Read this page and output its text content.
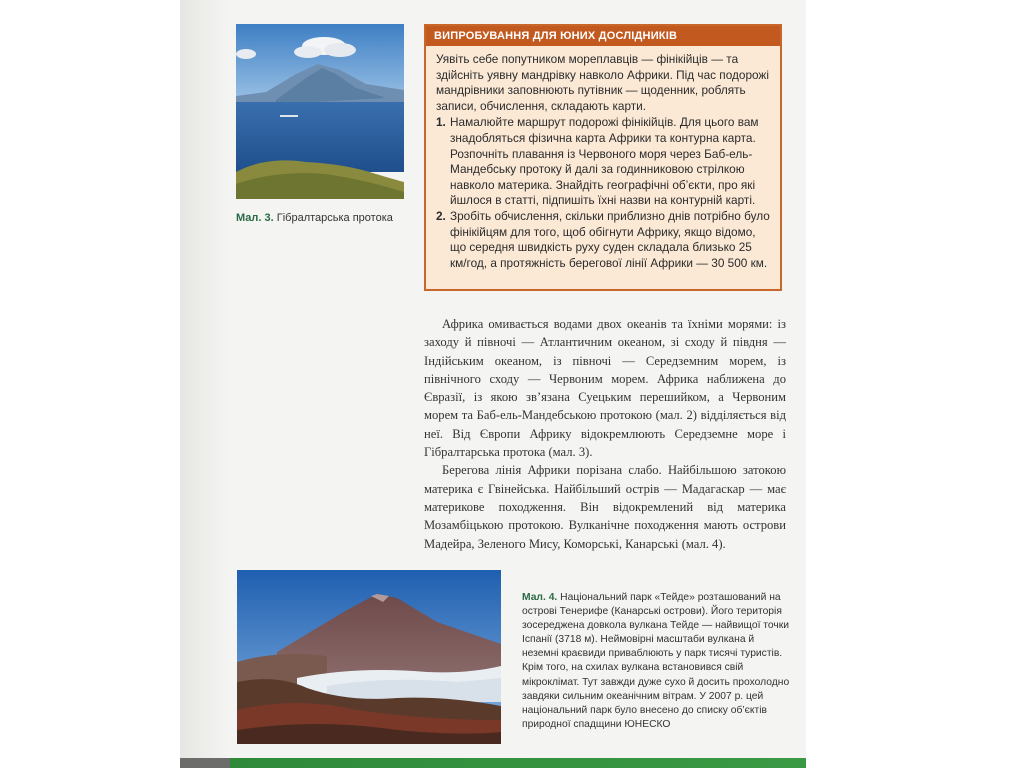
Мал. 3. Гібралтарська протока
ВИПРОБУВАННЯ ДЛЯ ЮНИХ ДОСЛІДНИКІВ

Уявіть себе попутником мореплавців — фінікійців — та здійсніть уявну мандрівку навколо Африки. Під час подорожі мандрівники заповнюють путівник — щоденник, роблять записи, обчислення, складають карти.

1. Намалюйте маршрут подорожі фінікійців. Для цього вам знадобляться фізична карта Африки та контурна карта. Розпочніть плавання із Червоного моря через Баб-ель-Мандебську протоку й далі за годинниковою стрілкою навколо материка. Знайдіть географічні об’єкти, про які йшлося в статті, підпишіть їхні назви на контурній карті.
2. Зробіть обчислення, скільки приблизно днів потрібно було фінікійцям для того, щоб обігнути Африку, якщо відомо, що середня швидкість руху суден складала близько 25 км/год, а протяжність берегової лінії Африки — 30 500 км.

Африка омивається водами двох океанів та їхніми морями: із заходу й півночі — Атлантичним океаном, зі сходу й півдня — Індійським океаном, із півночі — Середземним морем, із північного сходу — Червоним морем. Африка наближена до Євразії, із якою зв’язана Суецьким перешийком, а Червоним морем та Баб-ель-Мандебською протокою (мал. 2) відділяється від неї. Від Європи Африку відокремлюють Середземне море і Гібралтарська протока (мал. 3).

Берегова лінія Африки порізана слабо. Найбільшою затокою материка є Гвінейська. Найбільший острів — Мадагаскар — має материкове походження. Він відокремлений від материка Мозамбіцькою протокою. Вулканічне походження мають острови Мадейра, Зеленого Мису, Коморські, Канарські (мал. 4).

Мал. 4. Національний парк «Тейде» розташований на острові Тенерифе (Канарські острови). Його територія зосереджена довкола вулкана Тейде — найвищої точки Іспанії (3718 м). Неймовірні масштаби вулкана й неземні краєвиди приваблюють у парк тисячі туристів. Крім того, на схилах вулкана встановився свій мікроклімат. Тут завжди дуже сухо й досить прохолодно завдяки сильним океанічним вітрам. У 2007 р. цей національний парк було внесено до списку об’єктів природної спадщини ЮНЕСКО
